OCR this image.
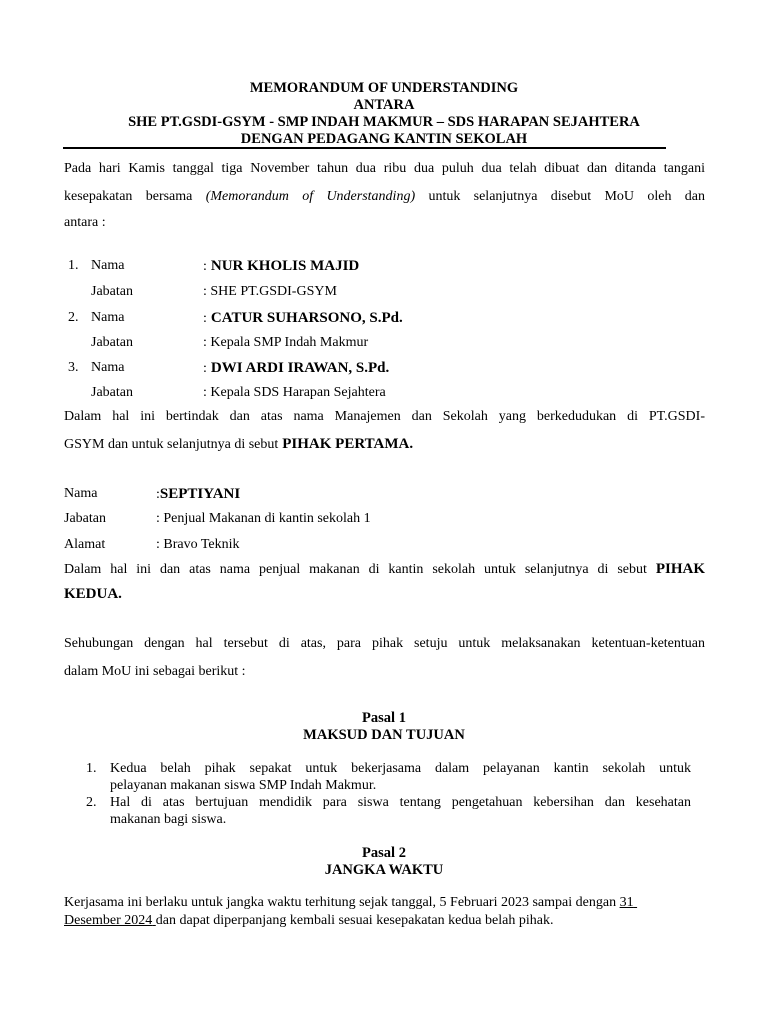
MEMORANDUM OF UNDERSTANDING
ANTARA
SHE PT.GSDI-GSYM - SMP INDAH MAKMUR – SDS HARAPAN SEJAHTERA
DENGAN PEDAGANG KANTIN SEKOLAH
Pada hari Kamis tanggal tiga November tahun dua ribu dua puluh dua telah dibuat dan ditanda tangani
kesepakatan bersama (Memorandum of Understanding) untuk selanjutnya disebut MoU oleh dan
antara :
1. Nama	: NUR KHOLIS MAJID
Jabatan	: SHE PT.GSDI-GSYM
2. Nama	: CATUR SUHARSONO, S.Pd.
Jabatan	: Kepala SMP Indah Makmur
3. Nama	: DWI ARDI IRAWAN, S.Pd.
Jabatan	: Kepala SDS Harapan Sejahtera
Dalam hal ini bertindak dan atas nama Manajemen dan Sekolah yang berkedudukan di PT.GSDI-
GSYM dan untuk selanjutnya di sebut PIHAK PERTAMA.
Nama	:SEPTIYANI
Jabatan	: Penjual Makanan di kantin sekolah 1
Alamat	: Bravo Teknik
Dalam hal ini dan atas nama penjual makanan di kantin sekolah untuk selanjutnya di sebut PIHAK
KEDUA.
Sehubungan dengan hal tersebut di atas, para pihak setuju untuk melaksanakan ketentuan-ketentuan
dalam MoU ini sebagai berikut :
Pasal 1
MAKSUD DAN TUJUAN
1. Kedua belah pihak sepakat untuk bekerjasama dalam pelayanan kantin sekolah untuk
pelayanan makanan siswa SMP Indah Makmur.
2. Hal di atas bertujuan mendidik para siswa tentang pengetahuan kebersihan dan kesehatan
makanan bagi siswa.
Pasal 2
JANGKA WAKTU
Kerjasama ini berlaku untuk jangka waktu terhitung sejak tanggal, 5 Februari 2023 sampai dengan 31
Desember 2024 dan dapat diperpanjang kembali sesuai kesepakatan kedua belah pihak.
